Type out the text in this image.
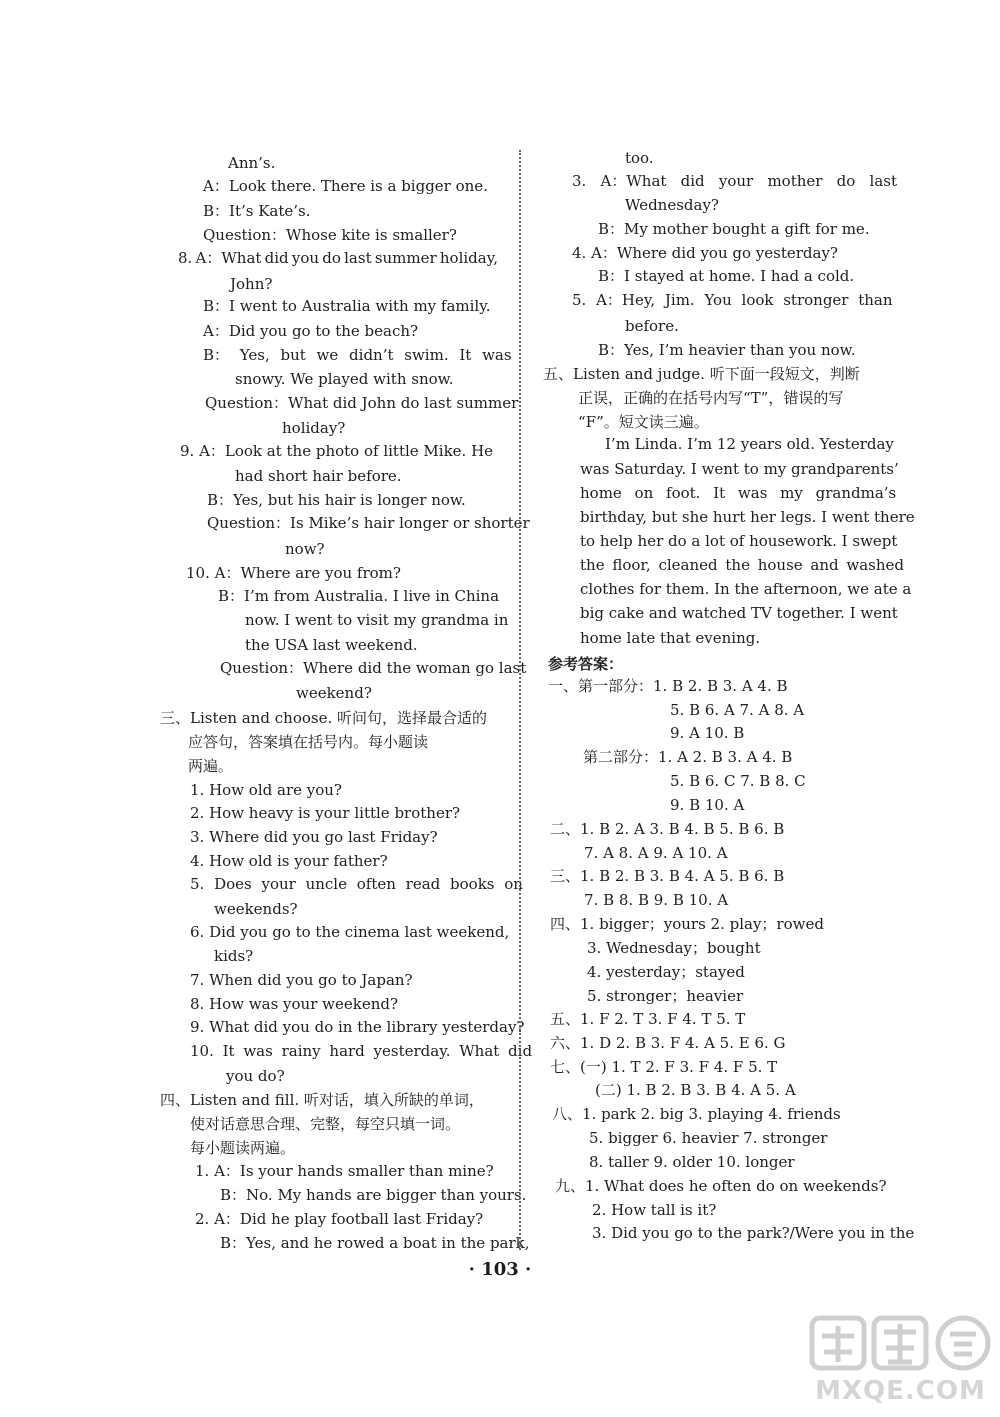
Ann’s.
A：Look there. There is a bigger one.
B：It’s Kate’s.
Question：Whose kite is smaller?
8. A：What did you do last summer holiday,
John?
B：I went to Australia with my family.
A：Did you go to the beach?
B： Yes, but we didn’t swim. It was
snowy. We played with snow.
Question：What did John do last summer
holiday?
9. A：Look at the photo of little Mike. He
had short hair before.
B：Yes, but his hair is longer now.
Question：Is Mike’s hair longer or shorter
now?
10. A：Where are you from?
B：I’m from Australia. I live in China
now. I went to visit my grandma in
the USA last weekend.
Question：Where did the woman go last
weekend?
三、Listen and choose. 听问句，选择最合适的
应答句，答案填在括号内。每小题读
两遍。
1. How old are you?
2. How heavy is your little brother?
3. Where did you go last Friday?
4. How old is your father?
5. Does your uncle often read books on
weekends?
6. Did you go to the cinema last weekend,
kids?
7. When did you go to Japan?
8. How was your weekend?
9. What did you do in the library yesterday?
10. It was rainy hard yesterday. What did
you do?
四、Listen and fill. 听对话，填入所缺的单词，
使对话意思合理、完整，每空只填一词。
每小题读两遍。
1. A：Is your hands smaller than mine?
B：No. My hands are bigger than yours.
2. A：Did he play football last Friday?
B：Yes, and he rowed a boat in the park,
too.
3. A：What did your mother do last
Wednesday?
B：My mother bought a gift for me.
4. A：Where did you go yesterday?
B：I stayed at home. I had a cold.
5. A：Hey, Jim. You look stronger than
before.
B：Yes, I’m heavier than you now.
五、Listen and judge. 听下面一段短文，判断
正误，正确的在括号内写“T”，错误的写
“F”。短文读三遍。
I’m Linda. I’m 12 years old. Yesterday
was Saturday. I went to my grandparents’
home on foot. It was my grandma’s
birthday, but she hurt her legs. I went there
to help her do a lot of housework. I swept
the floor, cleaned the house and washed
clothes for them. In the afternoon, we ate a
big cake and watched TV together. I went
home late that evening.
参考答案：
一、第一部分：1. B 2. B 3. A 4. B
5. B 6. A 7. A 8. A
9. A 10. B
第二部分：1. A 2. B 3. A 4. B
5. B 6. C 7. B 8. C
9. B 10. A
二、1. B 2. A 3. B 4. B 5. B 6. B
7. A 8. A 9. A 10. A
三、1. B 2. B 3. B 4. A 5. B 6. B
7. B 8. B 9. B 10. A
四、1. bigger；yours 2. play；rowed
3. Wednesday；bought
4. yesterday；stayed
5. stronger；heavier
五、1. F 2. T 3. F 4. T 5. T
六、1. D 2. B 3. F 4. A 5. E 6. G
七、(一) 1. T 2. F 3. F 4. F 5. T
(二) 1. B 2. B 3. B 4. A 5. A
八、1. park 2. big 3. playing 4. friends
5. bigger 6. heavier 7. stronger
8. taller 9. older 10. longer
九、1. What does he often do on weekends?
2. How tall is it?
3. Did you go to the park?/Were you in the
· 103 ·
MXQE.COM
